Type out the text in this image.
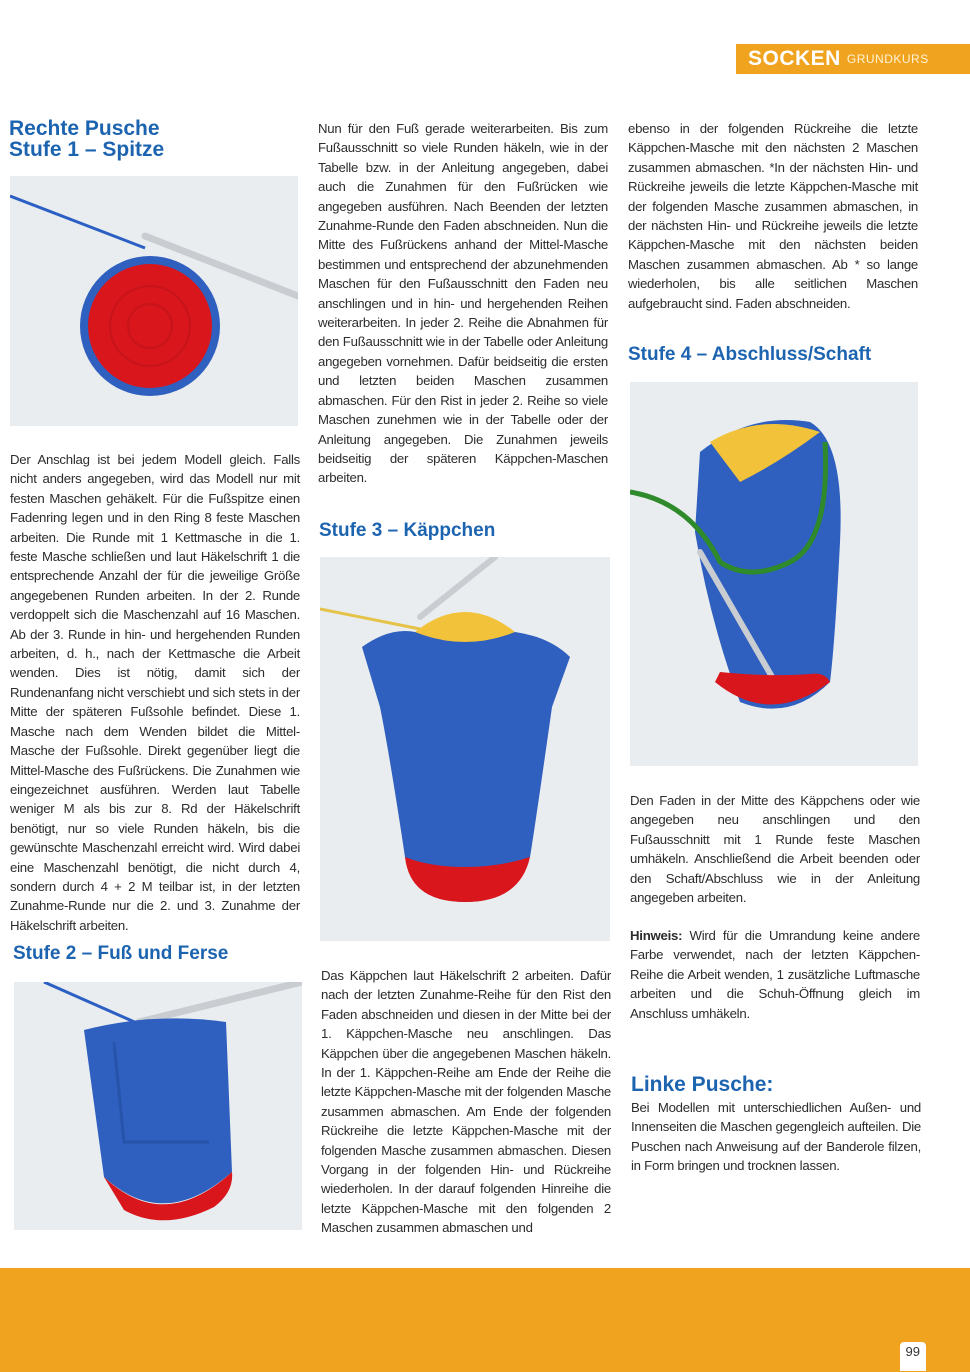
SOCKEN GRUNDKURS
Rechte Pusche
Stufe 1 – Spitze

Der Anschlag ist bei jedem Modell gleich. Falls nicht anders angegeben, wird das Modell nur mit festen Maschen gehäkelt. Für die Fußspitze einen Fadenring legen und in den Ring 8 feste Maschen arbeiten. Die Runde mit 1 Kettmasche in die 1. feste Masche schließen und laut Häkelschrift 1 die entsprechende Anzahl der für die jeweilige Größe angegebenen Runden arbeiten. In der 2. Runde verdoppelt sich die Maschenzahl auf 16 Maschen. Ab der 3. Runde in hin- und hergehenden Runden arbeiten, d. h., nach der Kettmasche die Arbeit wenden. Dies ist nötig, damit sich der Rundenanfang nicht verschiebt und sich stets in der Mitte der späteren Fußsohle befindet. Diese 1. Masche nach dem Wenden bildet die Mittel-Masche der Fußsohle. Direkt gegenüber liegt die Mittel-Masche des Fußrückens. Die Zunahmen wie eingezeichnet ausführen. Werden laut Tabelle weniger M als bis zur 8. Rd der Häkelschrift benötigt, nur so viele Runden häkeln, bis die gewünschte Maschenzahl erreicht wird. Wird dabei eine Maschenzahl benötigt, die nicht durch 4, sondern durch 4 + 2 M teilbar ist, in der letzten Zunahme-Runde nur die 2. und 3. Zunahme der Häkelschrift arbeiten.

Stufe 2 – Fuß und Ferse

Nun für den Fuß gerade weiterarbeiten. Bis zum Fußausschnitt so viele Runden häkeln, wie in der Tabelle bzw. in der Anleitung angegeben, dabei auch die Zunahmen für den Fußrücken wie angegeben ausführen. Nach Beenden der letzten Zunahme-Runde den Faden abschneiden. Nun die Mitte des Fußrückens anhand der Mittel-Masche bestimmen und entsprechend der abzunehmenden Maschen für den Fußausschnitt den Faden neu anschlingen und in hin- und hergehenden Reihen weiterarbeiten. In jeder 2. Reihe die Abnahmen für den Fußausschnitt wie in der Tabelle oder Anleitung angegeben vornehmen. Dafür beidseitig die ersten und letzten beiden Maschen zusammen abmaschen. Für den Rist in jeder 2. Reihe so viele Maschen zunehmen wie in der Tabelle oder der Anleitung angegeben. Die Zunahmen jeweils beidseitig der späteren Käppchen-Maschen arbeiten.

Stufe 3 – Käppchen

Das Käppchen laut Häkelschrift 2 arbeiten. Dafür nach der letzten Zunahme-Reihe für den Rist den Faden abschneiden und diesen in der Mitte bei der 1. Käppchen-Masche neu anschlingen. Das Käppchen über die angegebenen Maschen häkeln. In der 1. Käppchen-Reihe am Ende der Reihe die letzte Käppchen-Masche mit der folgenden Masche zusammen abmaschen. Am Ende der folgenden Rückreihe die letzte Käppchen-Masche mit der folgenden Masche zusammen abmaschen. Diesen Vorgang in der folgenden Hin- und Rückreihe wiederholen. In der darauf folgenden Hinreihe die letzte Käppchen-Masche mit den folgenden 2 Maschen zusammen abmaschen und

ebenso in der folgenden Rückreihe die letzte Käppchen-Masche mit den nächsten 2 Maschen zusammen abmaschen. *In der nächsten Hin- und Rückreihe jeweils die letzte Käppchen-Masche mit der folgenden Masche zusammen abmaschen, in der nächsten Hin- und Rückreihe jeweils die letzte Käppchen-Masche mit den nächsten beiden Maschen zusammen abmaschen. Ab * so lange wiederholen, bis alle seitlichen Maschen aufgebraucht sind. Faden abschneiden.

Stufe 4 – Abschluss/Schaft

Den Faden in der Mitte des Käppchens oder wie angegeben neu anschlingen und den Fußausschnitt mit 1 Runde feste Maschen umhäkeln. Anschließend die Arbeit beenden oder den Schaft/Abschluss wie in der Anleitung angegeben arbeiten.

Hinweis: Wird für die Umrandung keine andere Farbe verwendet, nach der letzten Käppchen-Reihe die Arbeit wenden, 1 zusätzliche Luftmasche arbeiten und die Schuh-Öffnung gleich im Anschluss umhäkeln.

Linke Pusche:

Bei Modellen mit unterschiedlichen Außen- und Innenseiten die Maschen gegengleich aufteilen. Die Puschen nach Anweisung auf der Banderole filzen, in Form bringen und trocknen lassen.

99
